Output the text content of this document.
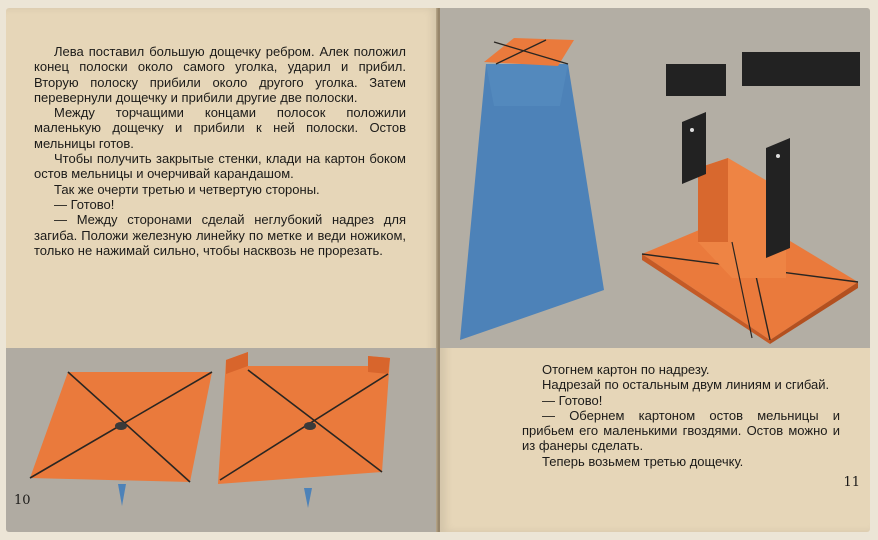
Лева поставил большую дощечку ребром. Алек положил конец полоски около самого уголка, ударил и прибил. Вторую полоску прибили около другого уголка. Затем перевернули дощечку и прибили другие две полоски.

Между торчащими концами полосок положили маленькую дощечку и прибили к ней полоски. Остов мельницы готов.

Чтобы получить закрытые стенки, клади на картон боком остов мельницы и очерчивай карандашом.

Так же очерти третью и четвертую стороны.

— Готово!

— Между сторонами сделай неглубокий надрез для загиба. Положи железную линейку по метке и веди ножиком, только не нажимай сильно, чтобы насквозь не прорезать.

10

Отогнем картон по надрезу.

Надрезай по остальным двум линиям и сгибай.

— Готово!

— Обернем картоном остов мельницы и прибьем его маленькими гвоздями. Остов можно и из фанеры сделать.

Теперь возьмем третью дощечку.

11
